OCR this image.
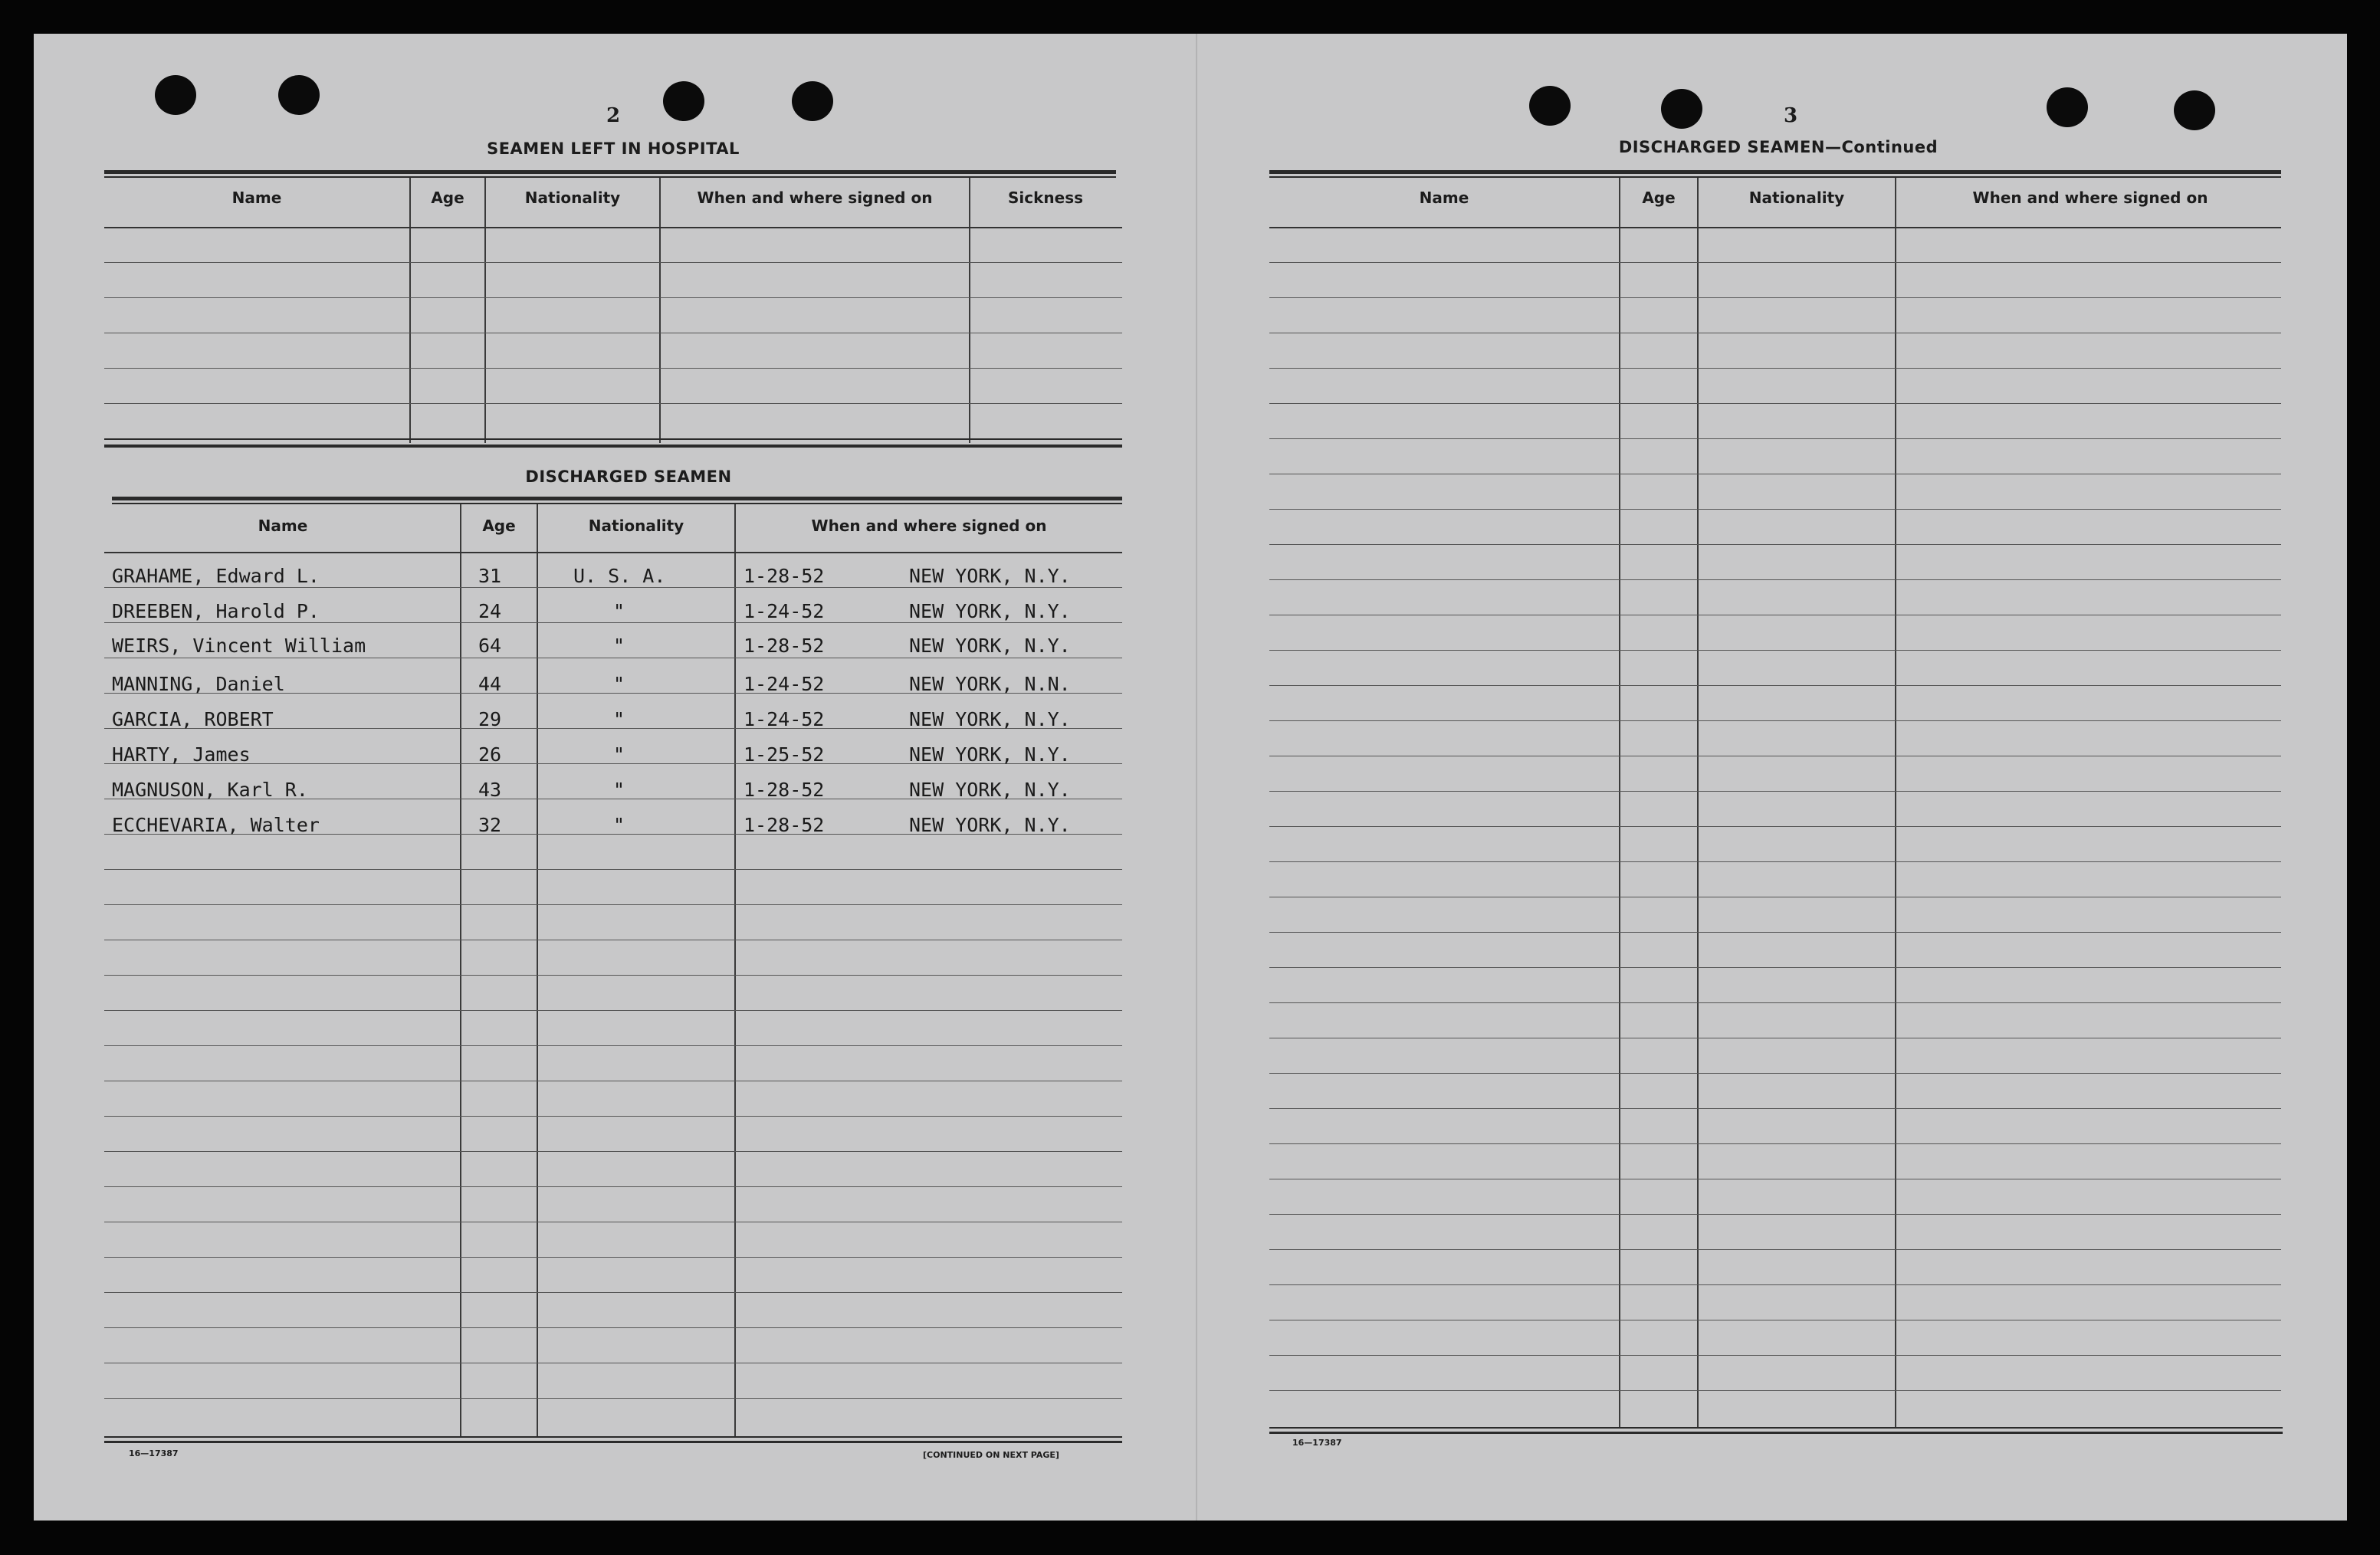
2
SEAMEN LEFT IN HOSPITAL
Name	Age	Nationality	When and where signed on	Sickness
DISCHARGED SEAMEN
Name	Age	Nationality	When and where signed on
GRAHAME, Edward L.	31	U. S. A.	1-28-52	NEW YORK, N.Y.
DREEBEN, Harold P.	24	"	1-24-52	NEW YORK, N.Y.
WEIRS, Vincent William	64	"	1-28-52	NEW YORK, N.Y.
MANNING, Daniel	44	"	1-24-52	NEW YORK, N.N.
GARCIA, ROBERT	29	"	1-24-52	NEW YORK, N.Y.
HARTY, James	26	"	1-25-52	NEW YORK, N.Y.
MAGNUSON, Karl R.	43	"	1-28-52	NEW YORK, N.Y.
ECCHEVARIA, Walter	32	"	1-28-52	NEW YORK, N.Y.
16—17387	[CONTINUED ON NEXT PAGE]
3
DISCHARGED SEAMEN—Continued
Name	Age	Nationality	When and where signed on
16—17387
